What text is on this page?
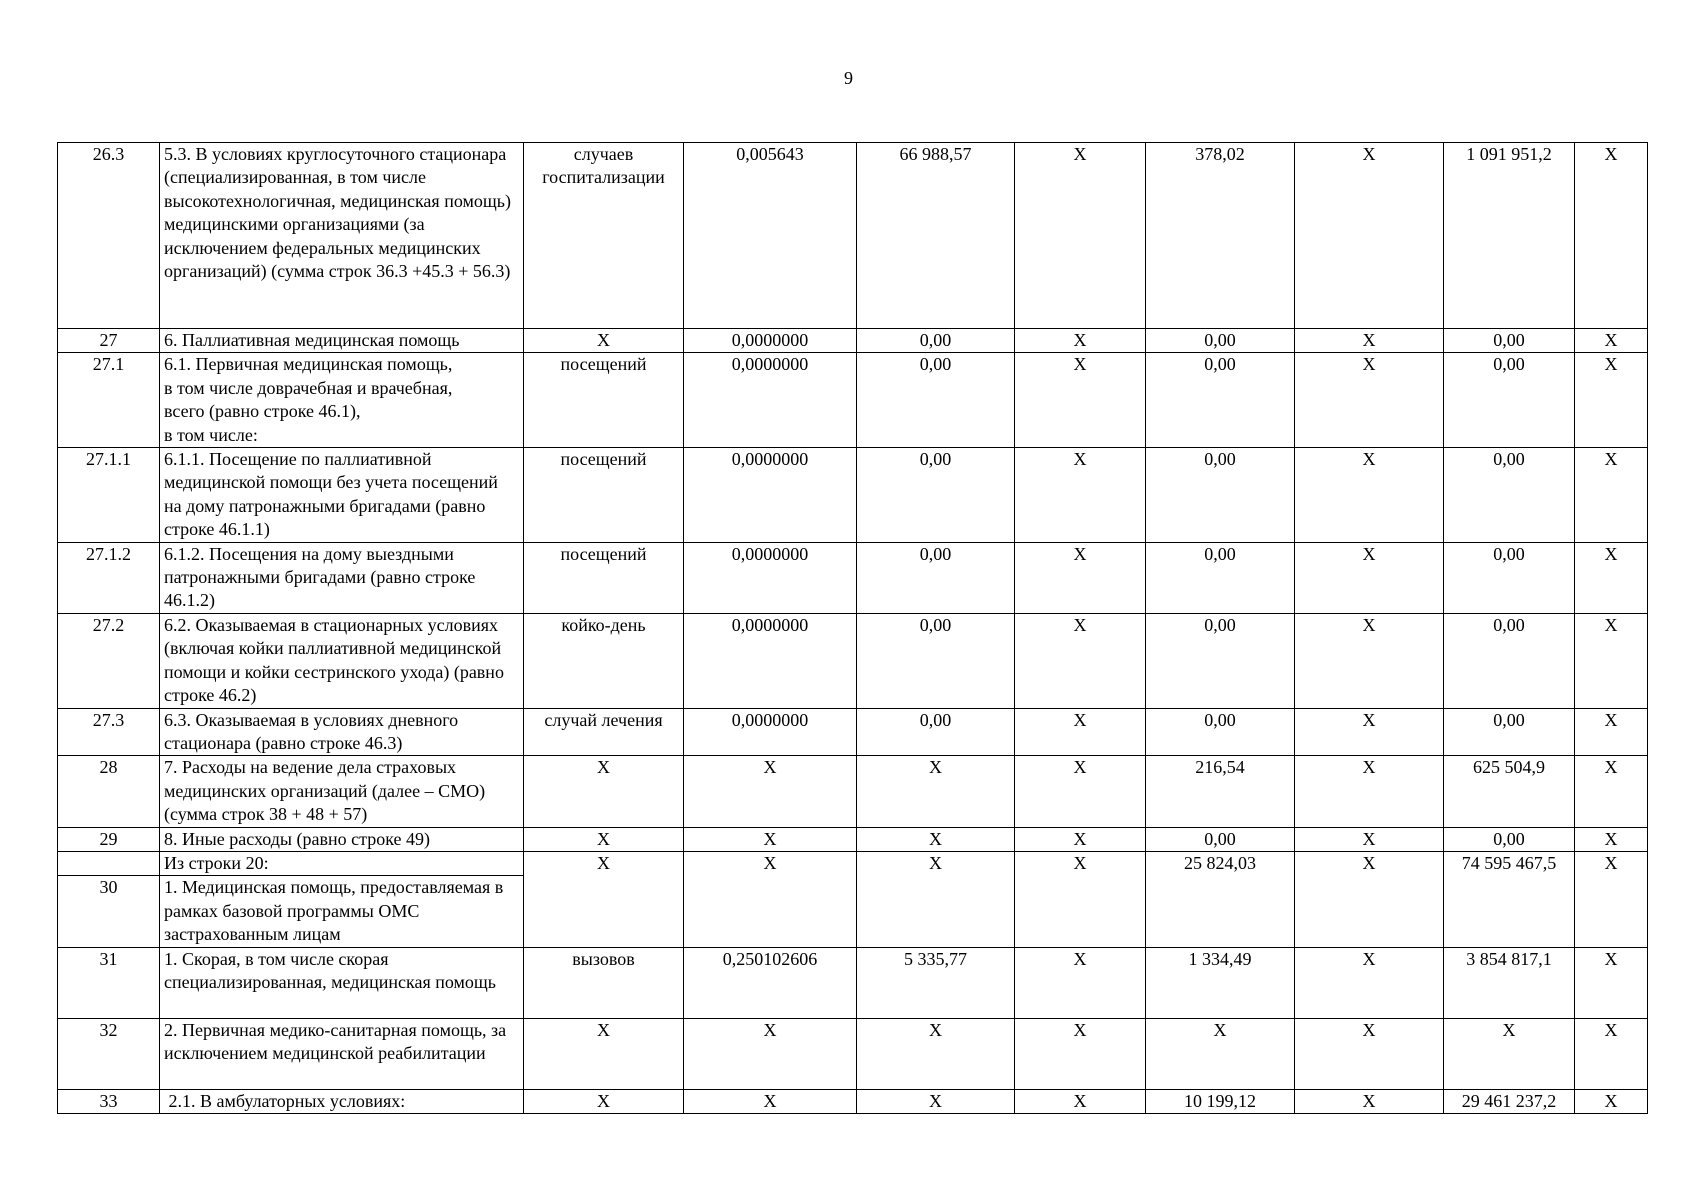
9
26.3	5.3. В условиях круглосуточного стационара (специализированная, в том числе высокотехнологичная, медицинская помощь) медицинскими организациями (за исключением федеральных медицинских организаций) (сумма строк 36.3 +45.3 + 56.3)	случаев госпитализации	0,005643	66 988,57	Х	378,02	Х	1 091 951,2	Х
27	6. Паллиативная медицинская помощь	Х	0,0000000	0,00	Х	0,00	Х	0,00	Х
27.1	6.1. Первичная медицинская помощь,
в том числе доврачебная и врачебная,
всего (равно строке 46.1),
в том числе:	посещений	0,0000000	0,00	Х	0,00	Х	0,00	Х
27.1.1	6.1.1. Посещение по паллиативной медицинской помощи без учета посещений на дому патронажными бригадами (равно строке 46.1.1)	посещений	0,0000000	0,00	Х	0,00	Х	0,00	Х
27.1.2	6.1.2. Посещения на дому выездными патронажными бригадами (равно строке 46.1.2)	посещений	0,0000000	0,00	Х	0,00	Х	0,00	Х
27.2	6.2. Оказываемая в стационарных условиях (включая койки паллиативной медицинской помощи и койки сестринского ухода) (равно строке 46.2)	койко-день	0,0000000	0,00	Х	0,00	Х	0,00	Х
27.3	6.3. Оказываемая в условиях дневного стационара (равно строке 46.3)	случай лечения	0,0000000	0,00	Х	0,00	Х	0,00	Х
28	7. Расходы на ведение дела страховых медицинских организаций (далее – СМО) (сумма строк 38 + 48 + 57)	Х	Х	Х	Х	216,54	Х	625 504,9	Х
29	8. Иные расходы (равно строке 49)	Х	Х	Х	Х	0,00	Х	0,00	Х
	Из строки 20:	Х	Х	Х	Х	25 824,03	Х	74 595 467,5	Х
30	1. Медицинская помощь, предоставляемая в рамках базовой программы ОМС застрахованным лицам								
31	1. Скорая, в том числе скорая специализированная, медицинская помощь	вызовов	0,250102606	5 335,77	Х	1 334,49	Х	3 854 817,1	Х
32	2. Первичная медико-санитарная помощь, за исключением медицинской реабилитации	Х	Х	Х	Х	Х	Х	Х	Х
33	2.1. В амбулаторных условиях:	Х	Х	Х	Х	10 199,12	Х	29 461 237,2	Х
